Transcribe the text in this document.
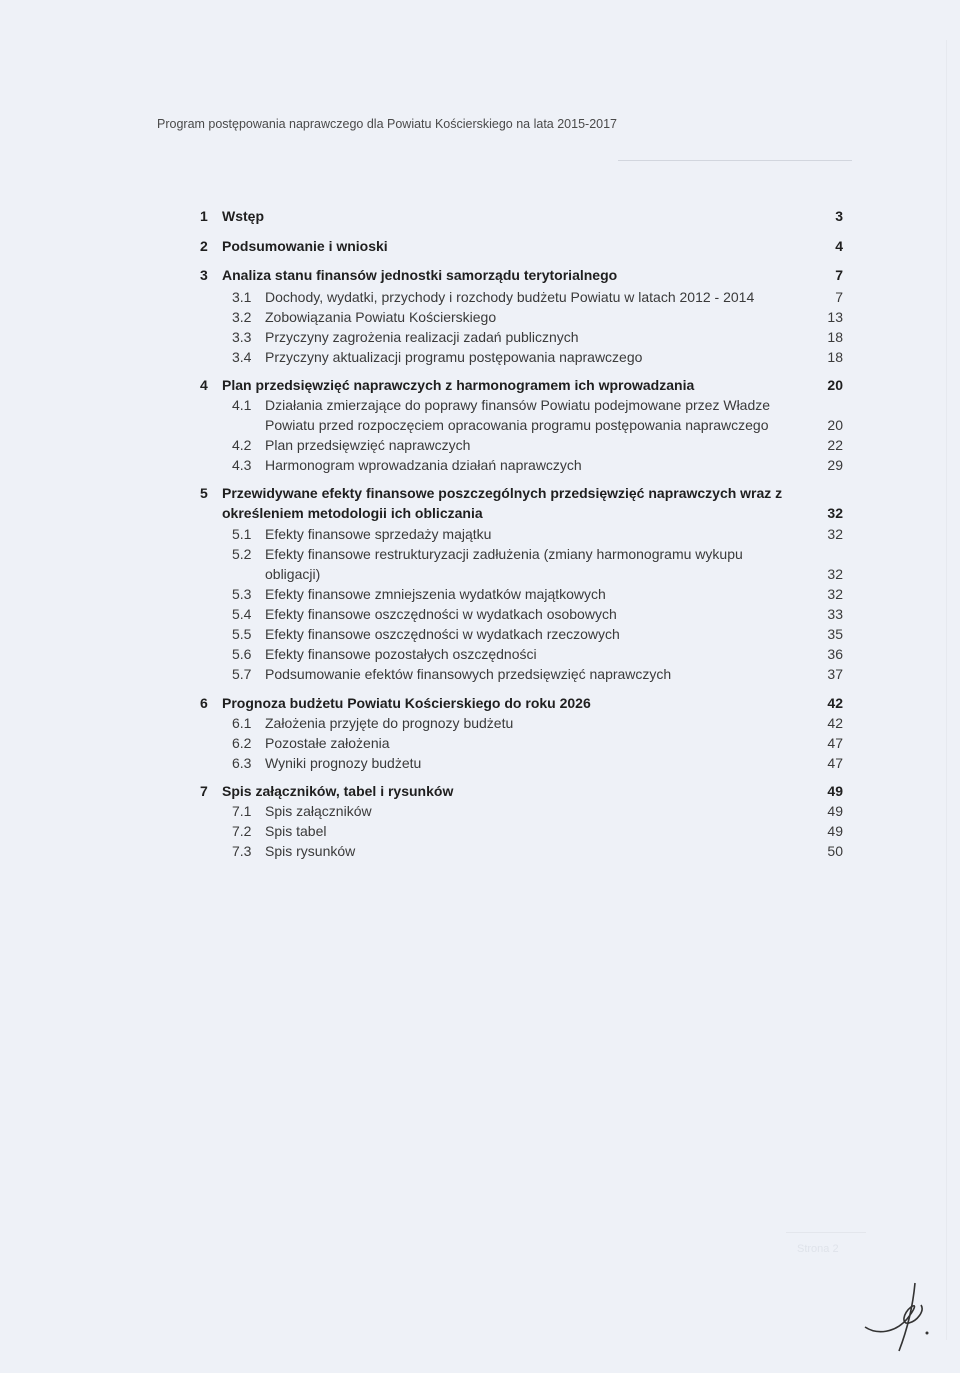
Program postępowania naprawczego dla Powiatu Kościerskiego na lata 2015-2017
1 Wstęp	3
2 Podsumowanie i wnioski	4
3 Analiza stanu finansów jednostki samorządu terytorialnego	7
3.1 Dochody, wydatki, przychody i rozchody budżetu Powiatu w latach 2012 - 2014	7
3.2 Zobowiązania Powiatu Kościerskiego	13
3.3 Przyczyny zagrożenia realizacji zadań publicznych	18
3.4 Przyczyny aktualizacji programu postępowania naprawczego	18
4 Plan przedsięwzięć naprawczych z harmonogramem ich wprowadzania	20
4.1 Działania zmierzające do poprawy finansów Powiatu podejmowane przez Władze
Powiatu przed rozpoczęciem opracowania programu postępowania naprawczego	20
4.2 Plan przedsięwzięć naprawczych	22
4.3 Harmonogram wprowadzania działań naprawczych	29
5 Przewidywane efekty finansowe poszczególnych przedsięwzięć naprawczych wraz z
określeniem metodologii ich obliczania	32
5.1 Efekty finansowe sprzedaży majątku	32
5.2 Efekty finansowe restrukturyzacji zadłużenia (zmiany harmonogramu wykupu
obligacji)	32
5.3 Efekty finansowe zmniejszenia wydatków majątkowych	32
5.4 Efekty finansowe oszczędności w wydatkach osobowych	33
5.5 Efekty finansowe oszczędności w wydatkach rzeczowych	35
5.6 Efekty finansowe pozostałych oszczędności	36
5.7 Podsumowanie efektów finansowych przedsięwzięć naprawczych	37
6 Prognoza budżetu Powiatu Kościerskiego do roku 2026	42
6.1 Założenia przyjęte do prognozy budżetu	42
6.2 Pozostałe założenia	47
6.3 Wyniki prognozy budżetu	47
7 Spis załączników, tabel i rysunków	49
7.1 Spis załączników	49
7.2 Spis tabel	49
7.3 Spis rysunków	50
Strona 2
